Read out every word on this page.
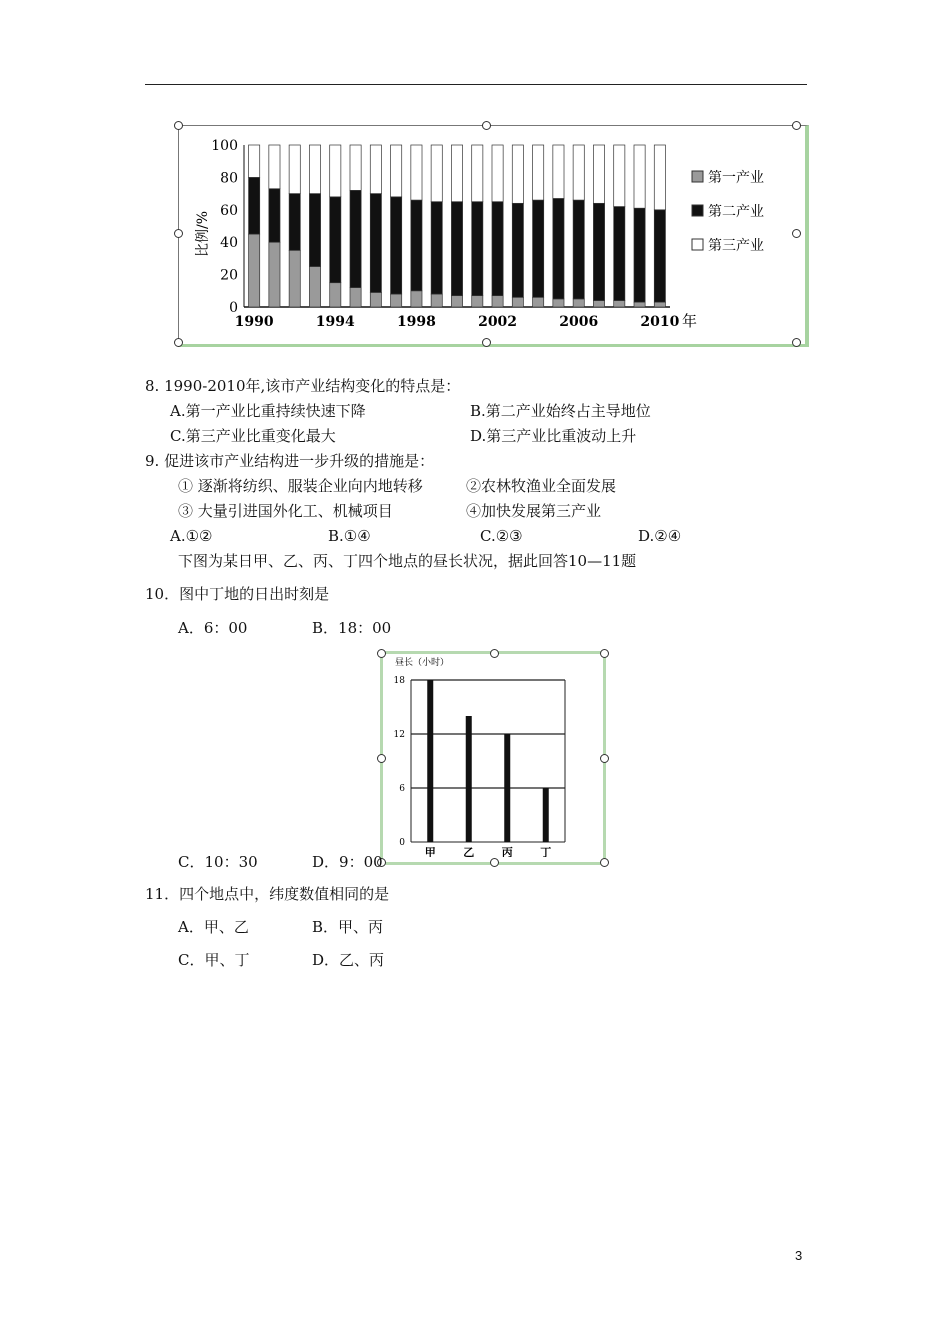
0
20
40
60
80
100
1990	1994	1998	2002	2006	2010
比例/%
年
第一产业
第二产业
第三产业
8. 1990-2010年,该市产业结构变化的特点是：
A.第一产业比重持续快速下降	B.第二产业始终占主导地位
C.第三产业比重变化最大	D.第三产业比重波动上升
9. 促进该市产业结构进一步升级的措施是：
① 逐渐将纺织、服装企业向内地转移	②农林牧渔业全面发展
③ 大量引进国外化工、机械项目	④加快发展第三产业
A.①②	B.①④	C.②③	D.②④
下图为某日甲、乙、丙、丁四个地点的昼长状况，据此回答10—11题
10．图中丁地的日出时刻是
A．6：00	B．18：00
昼长（小时）
0
6
12
18
甲	乙	丙	丁
C．10：30	D．9：00
11．四个地点中，纬度数值相同的是
A．甲、乙	B．甲、丙
C．甲、丁	D．乙、丙
3
